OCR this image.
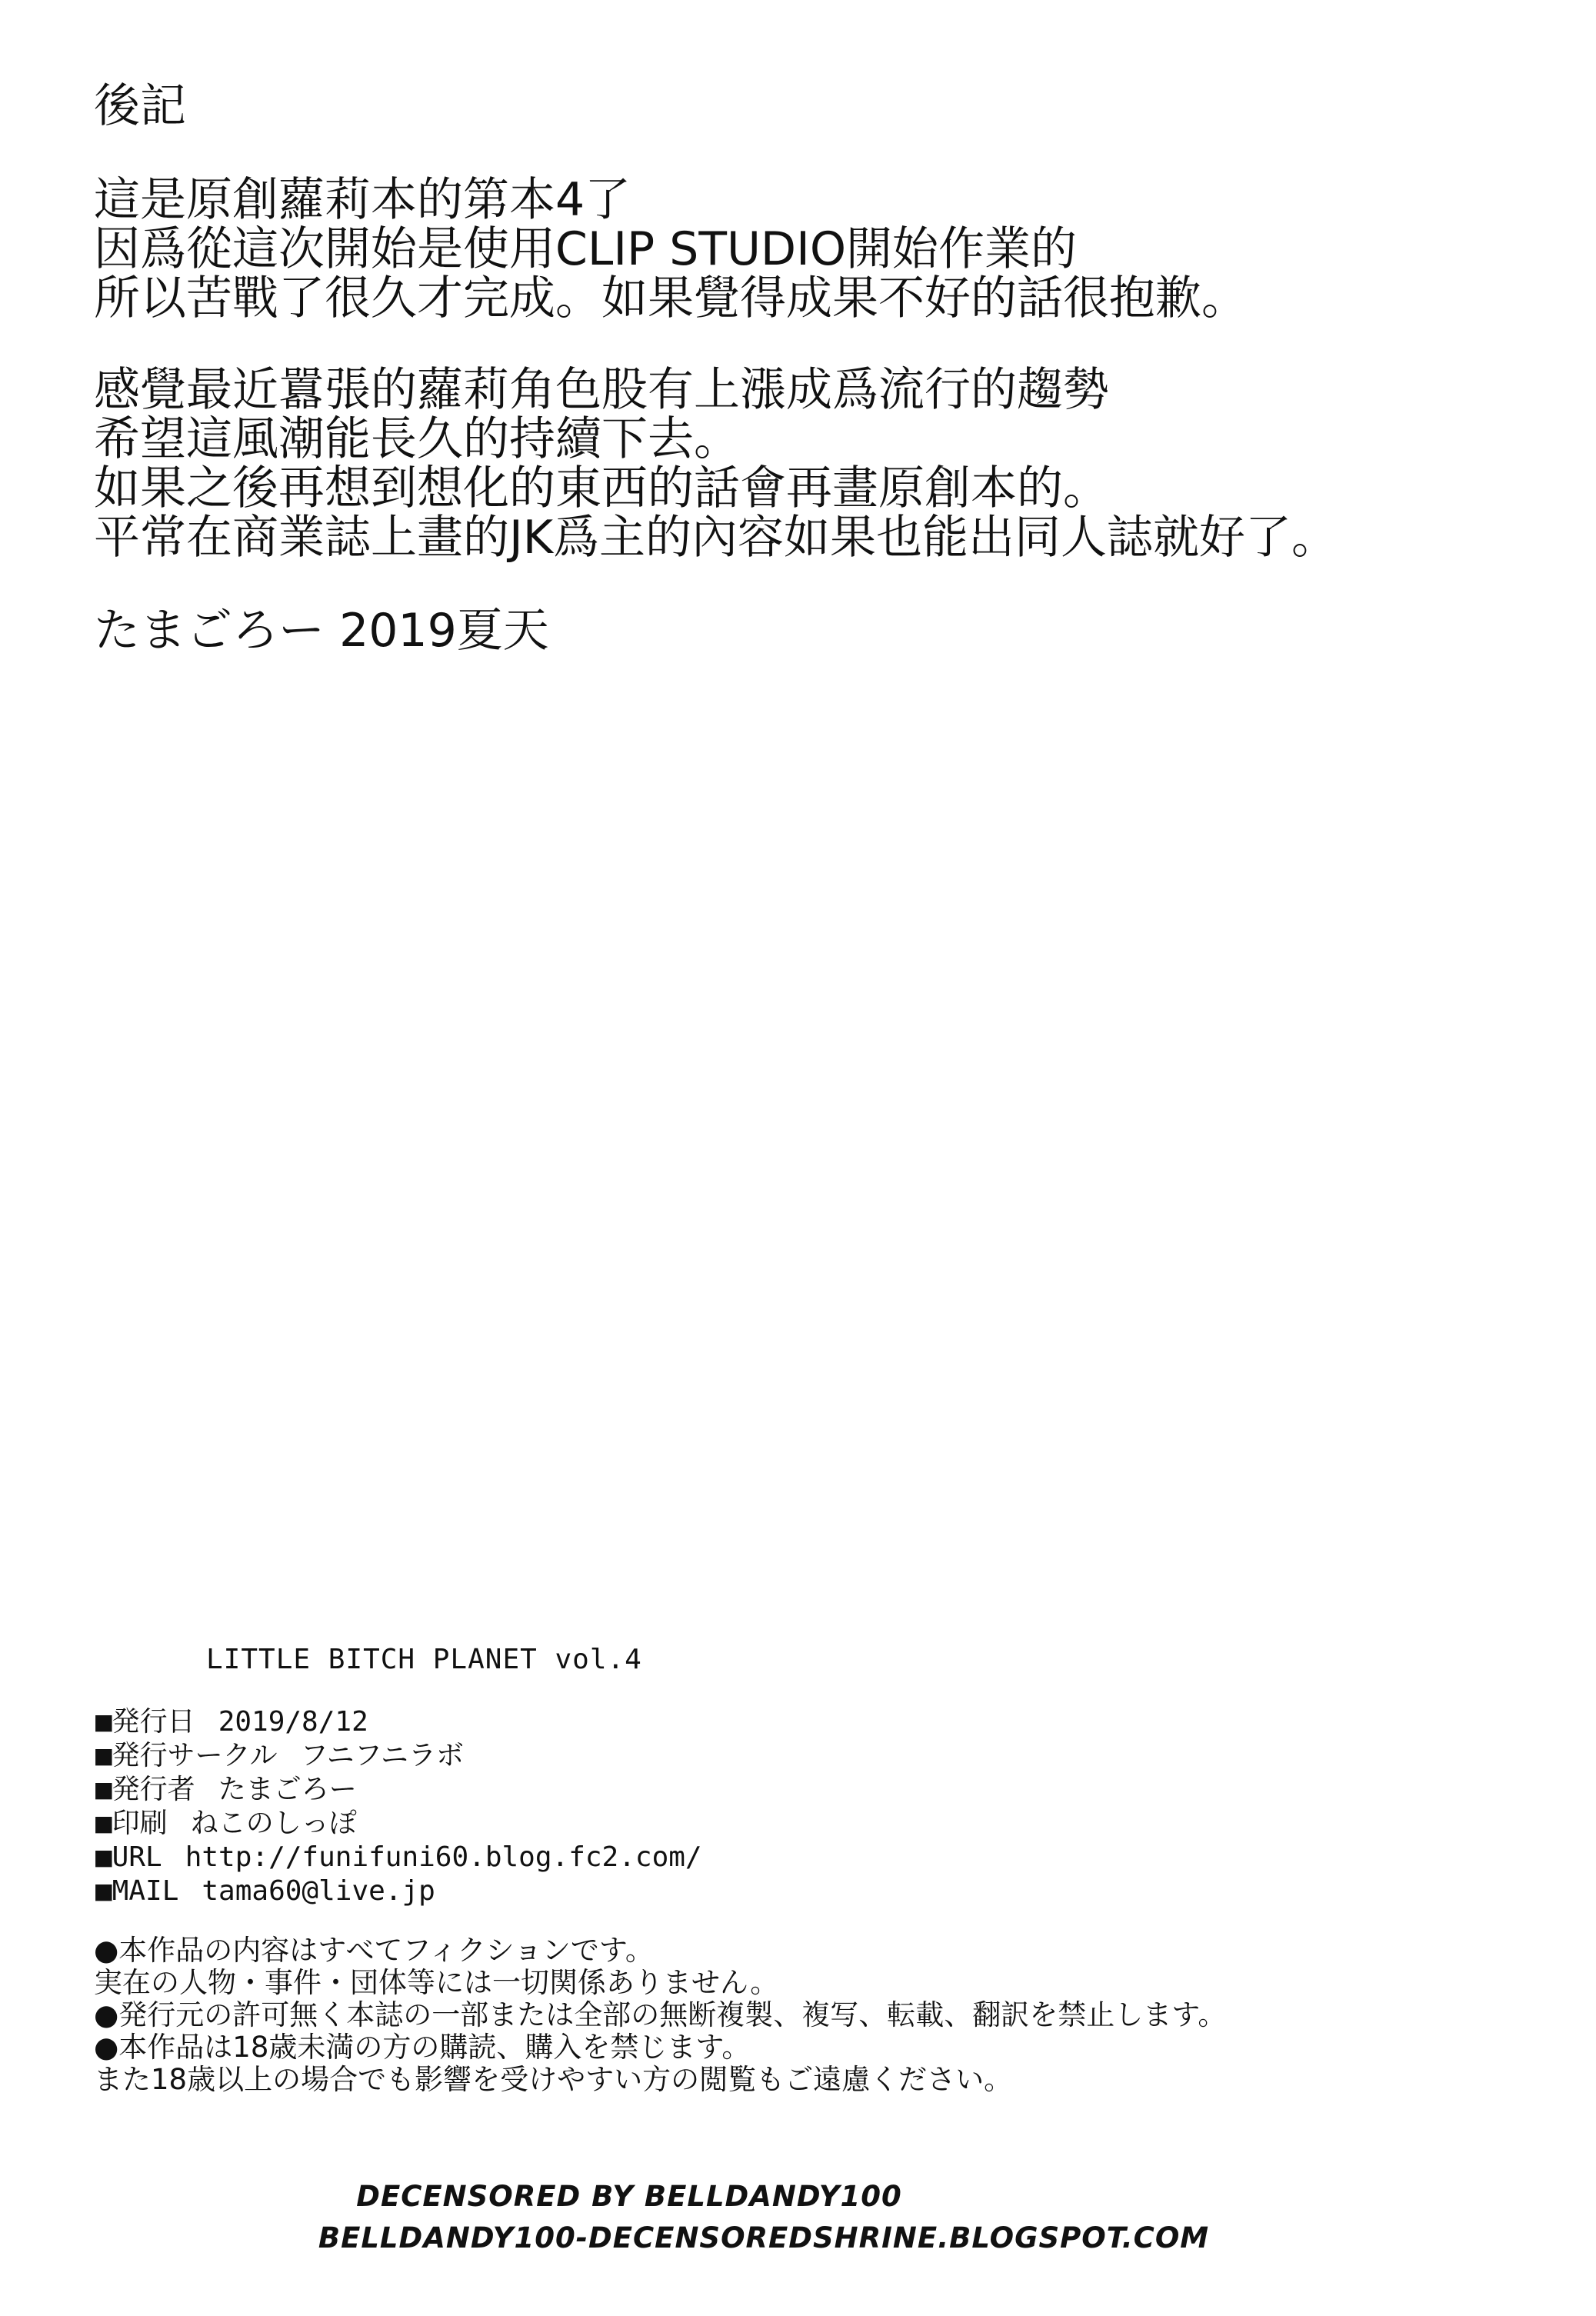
後記

這是原創蘿莉本的第本4了
因爲從這次開始是使用CLIP STUDIO開始作業的
所以苦戰了很久才完成。如果覺得成果不好的話很抱歉。

感覺最近囂張的蘿莉角色股有上漲成爲流行的趨勢
希望這風潮能長久的持續下去。
如果之後再想到想化的東西的話會再畫原創本的。
平常在商業誌上畫的JK爲主的內容如果也能出同人誌就好了。

たまごろー 2019夏天
LITTLE BITCH PLANET vol.4
■発行日 2019/8/12
■発行サークル フニフニラボ
■発行者 たまごろー
■印刷 ねこのしっぽ
■URL http://funifuni60.blog.fc2.com/
■MAIL tama60@live.jp
●本作品の内容はすべてフィクションです。
実在の人物・事件・団体等には一切関係ありません。
●発行元の許可無く本誌の一部または全部の無断複製、複写、転載、翻訳を禁止します。
●本作品は18歳未満の方の購読、購入を禁じます。
また18歳以上の場合でも影響を受けやすい方の閲覧もご遠慮ください。
DECENSORED BY BELLDANDY100
BELLDANDY100-DECENSOREDSHRINE.BLOGSPOT.COM
